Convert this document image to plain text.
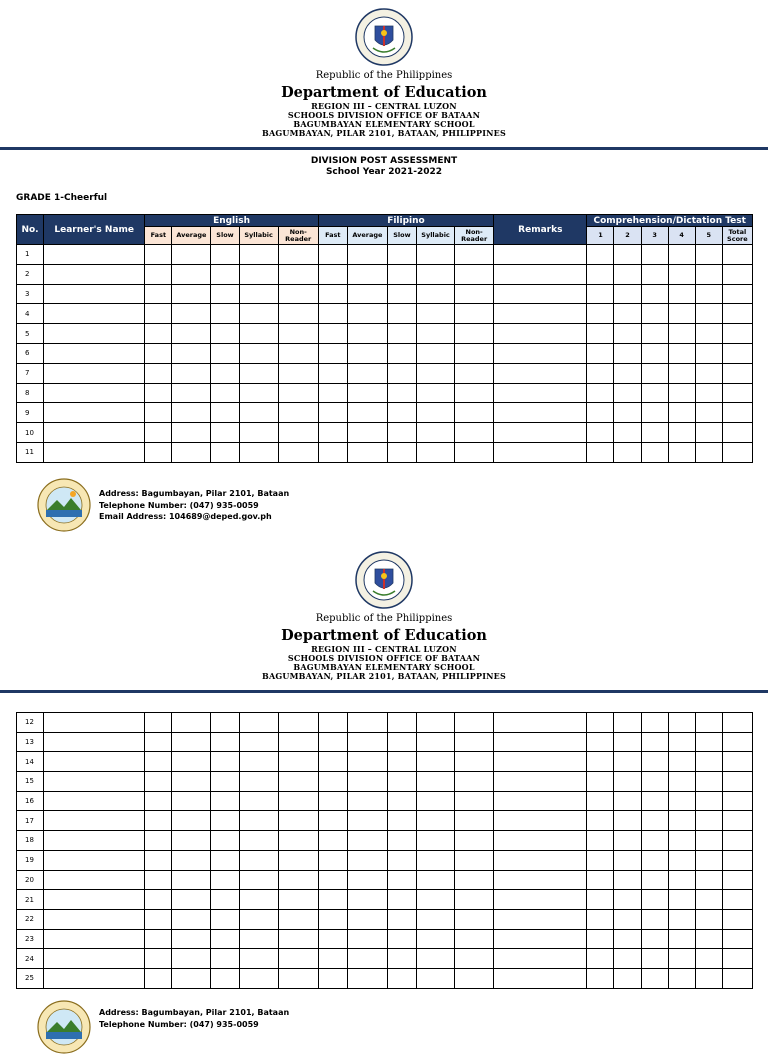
Republic of the Philippines
Department of Education
REGION III – CENTRAL LUZON
SCHOOLS DIVISION OFFICE OF BATAAN
BAGUMBAYAN ELEMENTARY SCHOOL
BAGUMBAYAN, PILAR 2101, BATAAN, PHILIPPINES
DIVISION POST ASSESSMENT
School Year 2021-2022
GRADE 1-Cheerful
No.	Learner's Name	English					Filipino					Remarks	Comprehension/Dictation Test					
		Fast	Average	Slow	Syllabic	Non-Reader	Fast	Average	Slow	Syllabic	Non-Reader		1	2	3	4	5	Total Score
1																		
2																		
3																		
4																		
5																		
6																		
7																		
8																		
9																		
10																		
11																		
Address: Bagumbayan, Pilar 2101, Bataan
Telephone Number: (047) 935-0059
Email Address: 104689@deped.gov.ph
Republic of the Philippines
Department of Education
REGION III – CENTRAL LUZON
SCHOOLS DIVISION OFFICE OF BATAAN
BAGUMBAYAN ELEMENTARY SCHOOL
BAGUMBAYAN, PILAR 2101, BATAAN, PHILIPPINES
12																		
13																		
14																		
15																		
16																		
17																		
18																		
19																		
20																		
21																		
22																		
23																		
24																		
25																		
Address: Bagumbayan, Pilar 2101, Bataan
Telephone Number: (047) 935-0059
